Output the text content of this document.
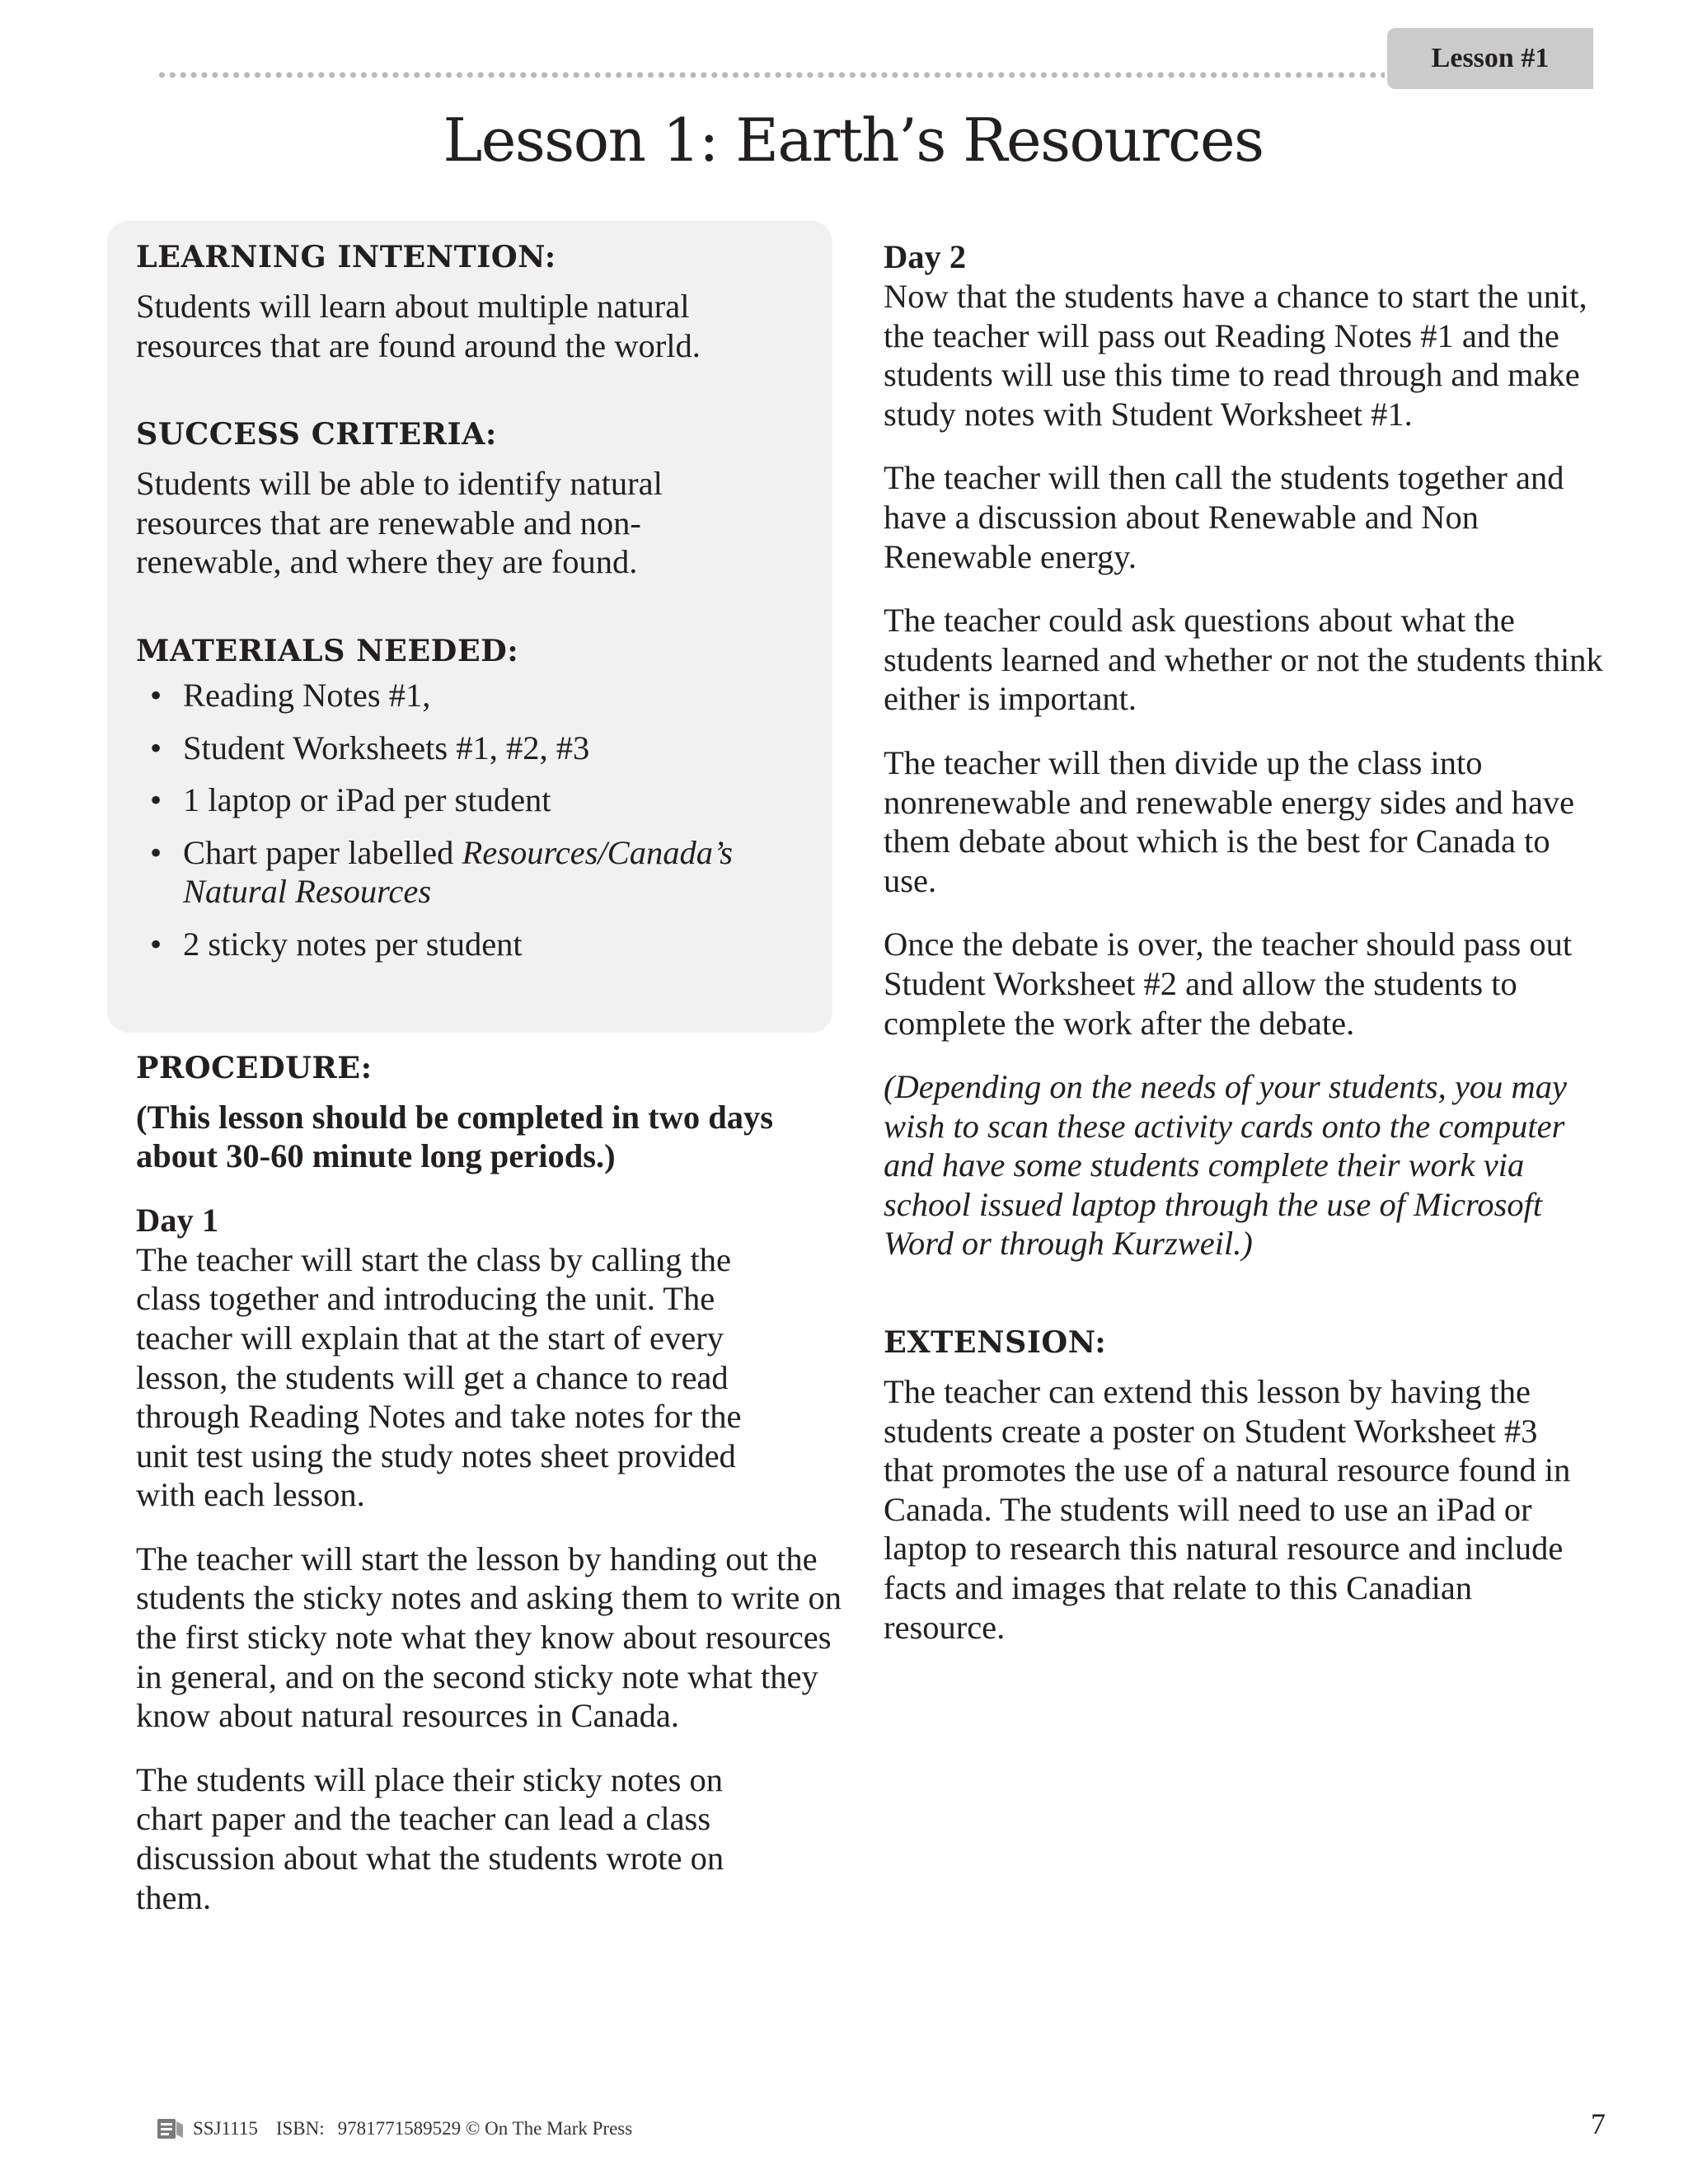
Lesson #1
Lesson 1: Earth’s Resources
LEARNING INTENTION:

Students will learn about multiple natural resources that are found around the world.

SUCCESS CRITERIA:

Students will be able to identify natural resources that are renewable and non-renewable, and where they are found.

MATERIALS NEEDED:
• Reading Notes #1,
• Student Worksheets #1, #2, #3
• 1 laptop or iPad per student
• Chart paper labelled Resources/Canada’s Natural Resources
• 2 sticky notes per student
PROCEDURE:

(This lesson should be completed in two days about 30-60 minute long periods.)

Day 1

The teacher will start the class by calling the class together and introducing the unit. The teacher will explain that at the start of every lesson, the students will get a chance to read through Reading Notes and take notes for the unit test using the study notes sheet provided with each lesson.

The teacher will start the lesson by handing out the students the sticky notes and asking them to write on the first sticky note what they know about resources in general, and on the second sticky note what they know about natural resources in Canada.

The students will place their sticky notes on chart paper and the teacher can lead a class discussion about what the students wrote on them.

Day 2

Now that the students have a chance to start the unit, the teacher will pass out Reading Notes #1 and the students will use this time to read through and make study notes with Student Worksheet #1.

The teacher will then call the students together and have a discussion about Renewable and Non Renewable energy.

The teacher could ask questions about what the students learned and whether or not the students think either is important.

The teacher will then divide up the class into nonrenewable and renewable energy sides and have them debate about which is the best for Canada to use.

Once the debate is over, the teacher should pass out Student Worksheet #2 and allow the students to complete the work after the debate.

(Depending on the needs of your students, you may wish to scan these activity cards onto the computer and have some students complete their work via school issued laptop through the use of Microsoft Word or through Kurzweil.)

EXTENSION:

The teacher can extend this lesson by having the students create a poster on Student Worksheet #3 that promotes the use of a natural resource found in Canada. The students will need to use an iPad or laptop to research this natural resource and include facts and images that relate to this Canadian resource.

SSJ1115 ISBN: 9781771589529 © On The Mark Press	7
